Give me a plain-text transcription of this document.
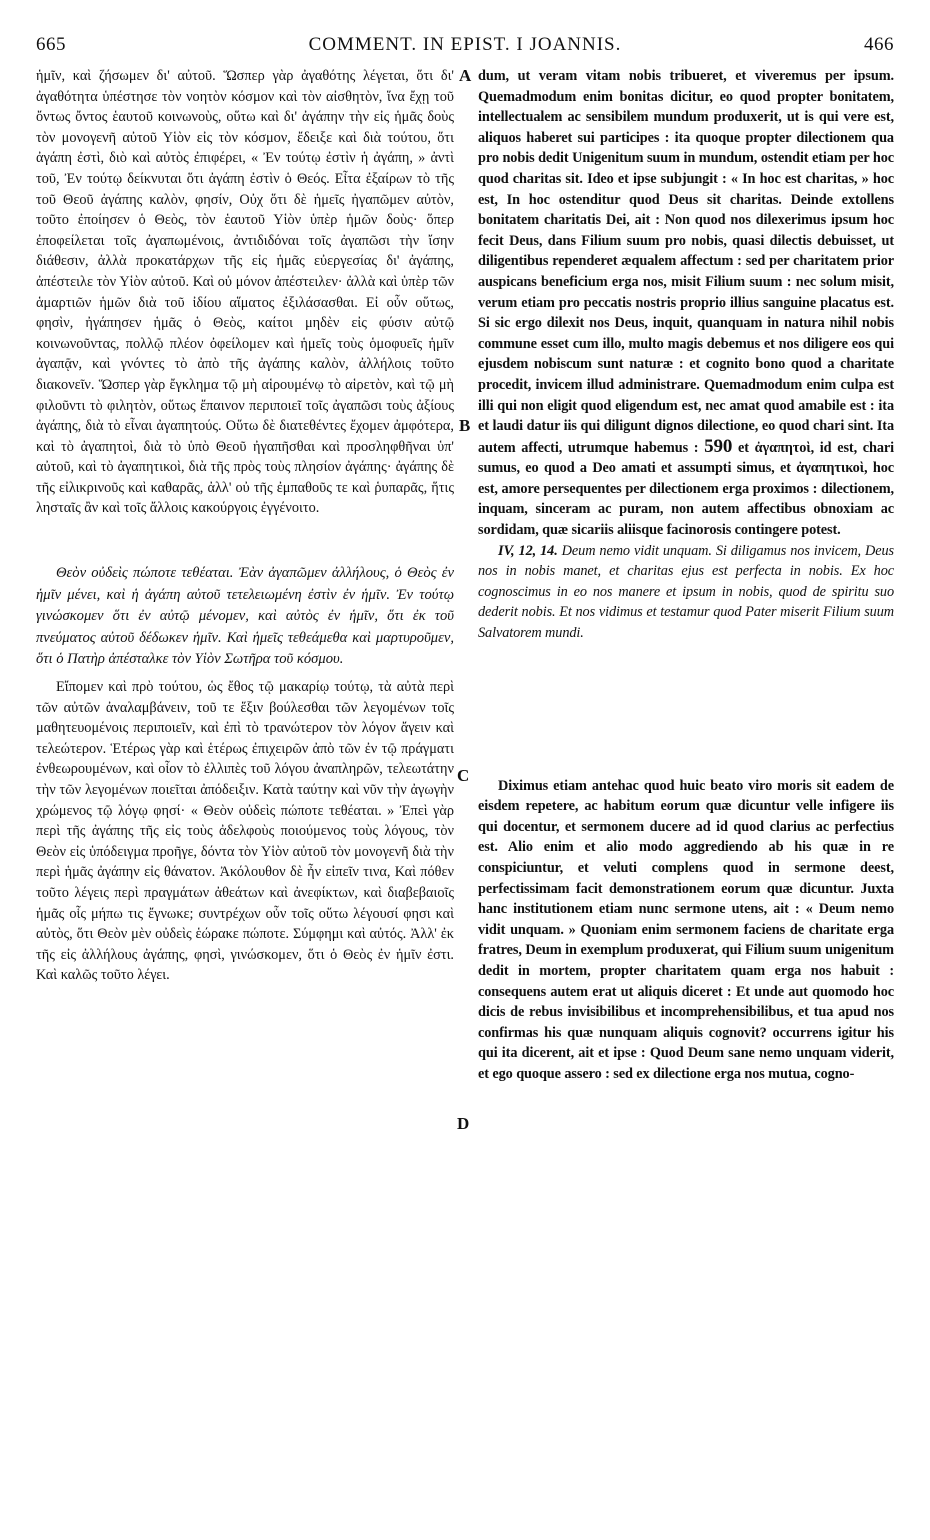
665	COMMENT. IN EPIST. I JOANNIS.	466

ἡμῖν, καὶ ζήσωμεν δι' αὐτοῦ. Ὥσπερ γὰρ ἀγαθότης λέγεται, ὅτι δι' ἀγαθότητα ὑπέστησε τὸν νοητὸν κόσμον καὶ τὸν αἰσθητὸν, ἵνα ἔχῃ τοῦ ὄντως ὄντος ἑαυτοῦ κοινωνοὺς, οὕτω καὶ δι' ἀγάπην τὴν εἰς ἡμᾶς δοὺς τὸν μονογενῆ αὐτοῦ Υἱὸν εἰς τὸν κόσμον, ἔδειξε καὶ διὰ τούτου, ὅτι ἀγάπη ἐστὶ, διὸ καὶ αὐτὸς ἐπιφέρει, « Ἐν τούτῳ ἐστὶν ἡ ἀγάπη, » ἀντὶ τοῦ, Ἐν τούτῳ δείκνυται ὅτι ἀγάπη ἐστὶν ὁ Θεός. Εἶτα ἐξαίρων τὸ τῆς τοῦ Θεοῦ ἀγάπης καλὸν, φησίν, Οὐχ ὅτι δὲ ἡμεῖς ἠγαπῶμεν αὐτὸν, τοῦτο ἐποίησεν ὁ Θεὸς, τὸν ἑαυτοῦ Υἱὸν ὑπὲρ ἡμῶν δοὺς· ὅπερ ἐποφείλεται τοῖς ἀγαπωμένοις, ἀντιδιδόναι τοῖς ἀγαπῶσι τὴν ἴσην διάθεσιν, ἀλλὰ προκατάρχων τῆς εἰς ἡμᾶς εὐεργεσίας δι' ἀγάπης, ἀπέστειλε τὸν Υἱὸν αὐτοῦ. Καὶ οὐ μόνον ἀπέστειλεν· ἀλλὰ καὶ ὑπὲρ τῶν ἁμαρτιῶν ἡμῶν διὰ τοῦ ἰδίου αἵματος ἐξιλάσασθαι. Εἰ οὖν οὕτως, φησὶν, ἠγάπησεν ἡμᾶς ὁ Θεὸς, καίτοι μηδὲν εἰς φύσιν αὐτῷ κοινωνοῦντας, πολλῷ πλέον ὀφείλομεν καὶ ἡμεῖς τοὺς ὁμοφυεῖς ἡμῖν ἀγαπᾷν, καὶ γνόντες τὸ ἀπὸ τῆς ἀγάπης καλὸν, ἀλλήλοις τοῦτο διακονεῖν. Ὥσπερ γὰρ ἔγκλημα τῷ μὴ αἱρουμένῳ τὸ αἱρετὸν, καὶ τῷ μὴ φιλοῦντι τὸ φιλητὸν, οὕτως ἔπαινον περιποιεῖ τοῖς ἀγαπῶσι τοὺς ἀξίους ἀγάπης, διὰ τὸ εἶναι ἀγαπητούς. Οὕτω δὲ διατεθέντες ἔχομεν ἀμφότερα, καὶ τὸ ἀγαπητοὶ, διὰ τὸ ὑπὸ Θεοῦ ἠγαπῆσθαι καὶ προσληφθῆναι ὑπ' αὐτοῦ, καὶ τὸ ἀγαπητικοὶ, διὰ τῆς πρὸς τοὺς πλησίον ἀγάπης· ἀγάπης δὲ τῆς εἰλικρινοῦς καὶ καθαρᾶς, ἀλλ' οὐ τῆς ἐμπαθοῦς τε καὶ ῥυπαρᾶς, ἥτις λησταῖς ἂν καὶ τοῖς ἄλλοις κακούργοις ἐγγένοιτο.

Θεὸν οὐδεὶς πώποτε τεθέαται. Ἐὰν ἀγαπῶμεν ἀλλήλους, ὁ Θεὸς ἐν ἡμῖν μένει, καὶ ἡ ἀγάπη αὐτοῦ τετελειωμένη ἐστὶν ἐν ἡμῖν. Ἐν τούτῳ γινώσκομεν ὅτι ἐν αὐτῷ μένομεν, καὶ αὐτὸς ἐν ἡμῖν, ὅτι ἐκ τοῦ πνεύματος αὐτοῦ δέδωκεν ἡμῖν. Καὶ ἡμεῖς τεθεάμεθα καὶ μαρτυροῦμεν, ὅτι ὁ Πατὴρ ἀπέσταλκε τὸν Υἱὸν Σωτῆρα τοῦ κόσμου.

Εἴπομεν καὶ πρὸ τούτου, ὡς ἔθος τῷ μακαρίῳ τούτῳ, τὰ αὐτὰ περὶ τῶν αὐτῶν ἀναλαμβάνειν, τοῦ τε ἕξιν βούλεσθαι τῶν λεγομένων τοῖς μαθητευομένοις περιποιεῖν, καὶ ἐπὶ τὸ τρανώτερον τὸν λόγον ἄγειν καὶ τελεώτερον. Ἑτέρως γὰρ καὶ ἑτέρως ἐπιχειρῶν ἀπὸ τῶν ἐν τῷ πράγματι ἐνθεωρουμένων, καὶ οἷον τὸ ἐλλιπὲς τοῦ λόγου ἀναπληρῶν, τελεωτάτην τὴν τῶν λεγομένων ποιεῖται ἀπόδειξιν. Κατὰ ταύτην καὶ νῦν τὴν ἀγωγὴν χρώμενος τῷ λόγῳ φησί· « Θεὸν οὐδεὶς πώποτε τεθέαται. » Ἐπεὶ γὰρ περὶ τῆς ἀγάπης τῆς εἰς τοὺς ἀδελφοὺς ποιούμενος τοὺς λόγους, τὸν Θεὸν εἰς ὑπόδειγμα προῆγε, δόντα τὸν Υἱὸν αὐτοῦ τὸν μονογενῆ διὰ τὴν περὶ ἡμᾶς ἀγάπην εἰς θάνατον. Ἀκόλουθον δὲ ἦν εἰπεῖν τινα, Καὶ πόθεν τοῦτο λέγεις περὶ πραγμάτων ἀθεάτων καὶ ἀνεφίκτων, καὶ διαβεβαιοῖς ἡμᾶς οἷς μήπω τις ἔγνωκε; συντρέχων οὖν τοῖς οὕτω λέγουσί φησι καὶ αὐτὸς, ὅτι Θεὸν μὲν οὐδεὶς ἑώρακε πώποτε. Σύμφημι καὶ αὐτός. Ἀλλ' ἐκ τῆς εἰς ἀλλήλους ἀγάπης, φησὶ, γινώσκομεν, ὅτι ὁ Θεὸς ἐν ἡμῖν ἐστι. Καὶ καλῶς τοῦτο λέγει.

A
B
C
D

dum, ut veram vitam nobis tribueret, et viveremus per ipsum. Quemadmodum enim bonitas dicitur, eo quod propter bonitatem, intellectualem ac sensibilem mundum produxerit, ut is qui vere est, aliquos haberet sui participes : ita quoque propter dilectionem qua pro nobis dedit Unigenitum suum in mundum, ostendit etiam per hoc quod charitas sit. Ideo et ipse subjungit : « In hoc est charitas, » hoc est, In hoc ostenditur quod Deus sit charitas. Deinde extollens bonitatem charitatis Dei, ait : Non quod nos dilexerimus ipsum hoc fecit Deus, dans Filium suum pro nobis, quasi dilectis debuisset, ut diligentibus rependeret æqualem affectum : sed per charitatem prior auspicans beneficium erga nos, misit Filium suum : nec solum misit, verum etiam pro peccatis nostris proprio illius sanguine placatus est. Si sic ergo dilexit nos Deus, inquit, quanquam in natura nihil nobis commune esset cum illo, multo magis debemus et nos diligere eos qui ejusdem nobiscum sunt naturæ : et cognito bono quod a charitate procedit, invicem illud administrare. Quemadmodum enim culpa est illi qui non eligit quod eligendum est, nec amat quod amabile est : ita et laudi datur iis qui diligunt dignos dilectione, eo quod chari sint. Ita autem affecti, utrumque habemus : 590 et ἀγαπητοὶ, id est, chari sumus, eo quod a Deo amati et assumpti simus, et ἀγαπητικοὶ, hoc est, amore persequentes per dilectionem erga proximos : dilectionem, inquam, sinceram ac puram, non autem affectibus obnoxiam ac sordidam, quæ sicariis aliisque facinorosis contingere potest.

IV, 12, 14. Deum nemo vidit unquam. Si diligamus nos invicem, Deus nos in nobis manet, et charitas ejus est perfecta in nobis. Ex hoc cognoscimus in eo nos manere et ipsum in nobis, quod de spiritu suo dederit nobis. Et nos vidimus et testamur quod Pater miserit Filium suum Salvatorem mundi.

Diximus etiam antehac quod huic beato viro moris sit eadem de eisdem repetere, ac habitum eorum quæ dicuntur velle infigere iis qui docentur, et sermonem ducere ad id quod clarius ac perfectius est. Alio enim et alio modo aggrediendo ab his quæ in re conspiciuntur, et veluti complens quod in sermone deest, perfectissimam facit demonstrationem eorum quæ dicuntur. Juxta hanc institutionem etiam nunc sermone utens, ait : « Deum nemo vidit unquam. » Quoniam enim sermonem faciens de charitate erga fratres, Deum in exemplum produxerat, qui Filium suum unigenitum dedit in mortem, propter charitatem quam erga nos habuit : consequens autem erat ut aliquis diceret : Et unde aut quomodo hoc dicis de rebus invisibilibus et incomprehensibilibus, et tua apud nos confirmas his quæ nunquam aliquis cognovit? occurrens igitur his qui ita dicerent, ait et ipse : Quod Deum sane nemo unquam viderit, et ego quoque assero : sed ex dilectione erga nos mutua, cogno-
